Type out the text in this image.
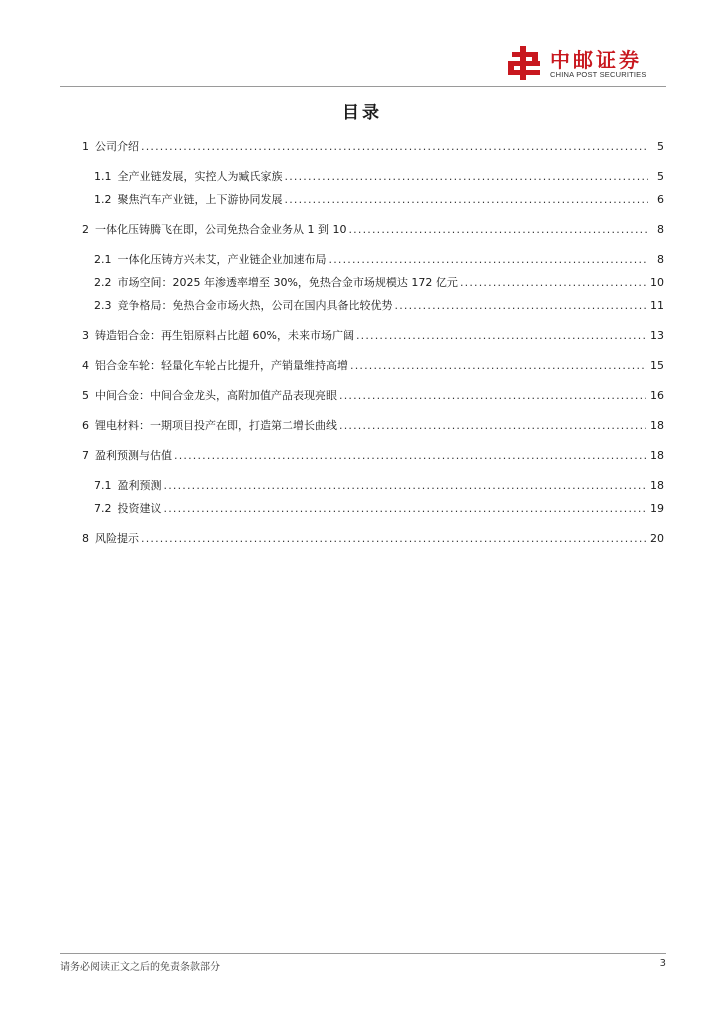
中邮证券
CHINA POST SECURITIES
目录
1 公司介绍 .....	5
1.1 全产业链发展，实控人为臧氏家族 .....	5
1.2 聚焦汽车产业链，上下游协同发展 .....	6
2 一体化压铸腾飞在即，公司免热合金业务从 1 到 10 .....	8
2.1 一体化压铸方兴未艾，产业链企业加速布局 .....	8
2.2 市场空间：2025 年渗透率增至 30%，免热合金市场规模达 172 亿元 .....	10
2.3 竞争格局：免热合金市场火热，公司在国内具备比较优势 .....	11
3 铸造铝合金：再生铝原料占比超 60%，未来市场广阔 .....	13
4 铝合金车轮：轻量化车轮占比提升，产销量维持高增 .....	15
5 中间合金：中间合金龙头，高附加值产品表现亮眼 .....	16
6 锂电材料：一期项目投产在即，打造第二增长曲线 .....	18
7 盈利预测与估值 .....	18
7.1 盈利预测 .....	18
7.2 投资建议 .....	19
8 风险提示 .....	20
请务必阅读正文之后的免责条款部分	3
